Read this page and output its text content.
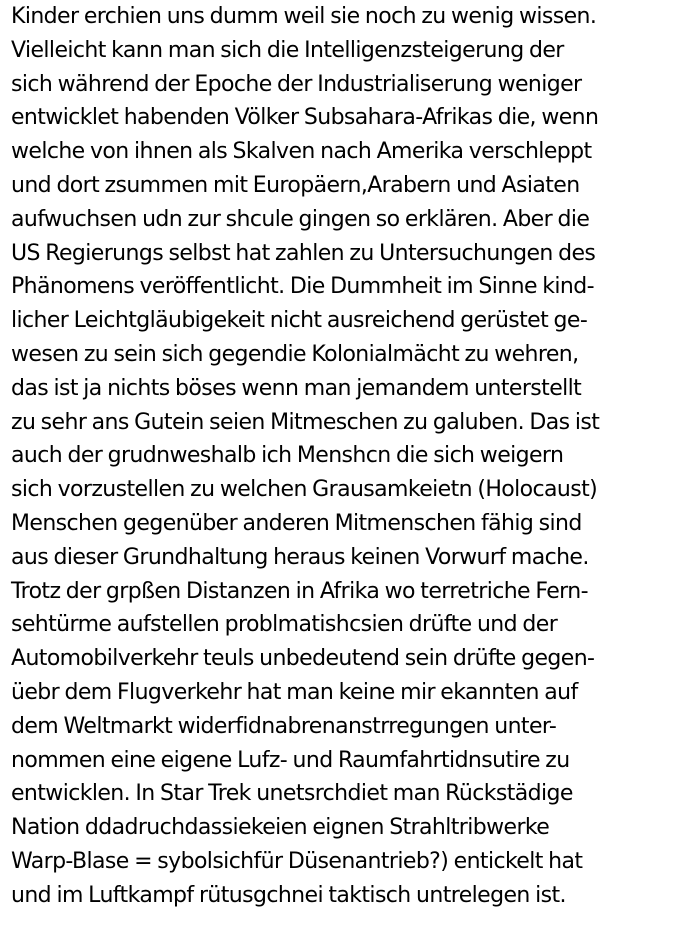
Kinder erchien uns dumm weil sie noch zu wenig wissen.
Vielleicht kann man sich die Intelligenzsteigerung der
sich während der Epoche der Industrialiserung weniger
entwicklet habenden Völker Subsahara-Afrikas die, wenn
welche von ihnen als Skalven nach Amerika verschleppt
und dort zsummen mit Europäern,Arabern und Asiaten
aufwuchsen udn zur shcule gingen so erklären. Aber die
US Regierungs selbst hat zahlen zu Untersuchungen des
Phänomens veröffentlicht. Die Dummheit im Sinne kind-
licher Leichtgläubigekeit nicht ausreichend gerüstet ge-
wesen zu sein sich gegendie Kolonialmächt zu wehren,
das ist ja nichts böses wenn man jemandem unterstellt
zu sehr ans Gutein seien Mitmeschen zu galuben. Das ist
auch der grudnweshalb ich Menshcn die sich weigern
sich vorzustellen zu welchen Grausamkeietn (Holocaust)
Menschen gegenüber anderen Mitmenschen fähig sind
aus dieser Grundhaltung heraus keinen Vorwurf mache.
Trotz der grpßen Distanzen in Afrika wo terretriche Fern-
sehtürme aufstellen problmatishcsien drüfte und der
Automobilverkehr teuls unbedeutend sein drüfte gegen-
üebr dem Flugverkehr hat man keine mir ekannten auf
dem Weltmarkt widerfidnabrenanstrregungen unter-
nommen eine eigene Lufz- und Raumfahrtidnsutire zu
entwicklen. In Star Trek unetsrchdiet man Rückstädige
Nation ddadruchdassiekeien eignen Strahltribwerke
Warp-Blase = sybolsichfür Düsenantrieb?) entickelt hat
und im Luftkampf rütusgchnei taktisch untrelegen ist.
